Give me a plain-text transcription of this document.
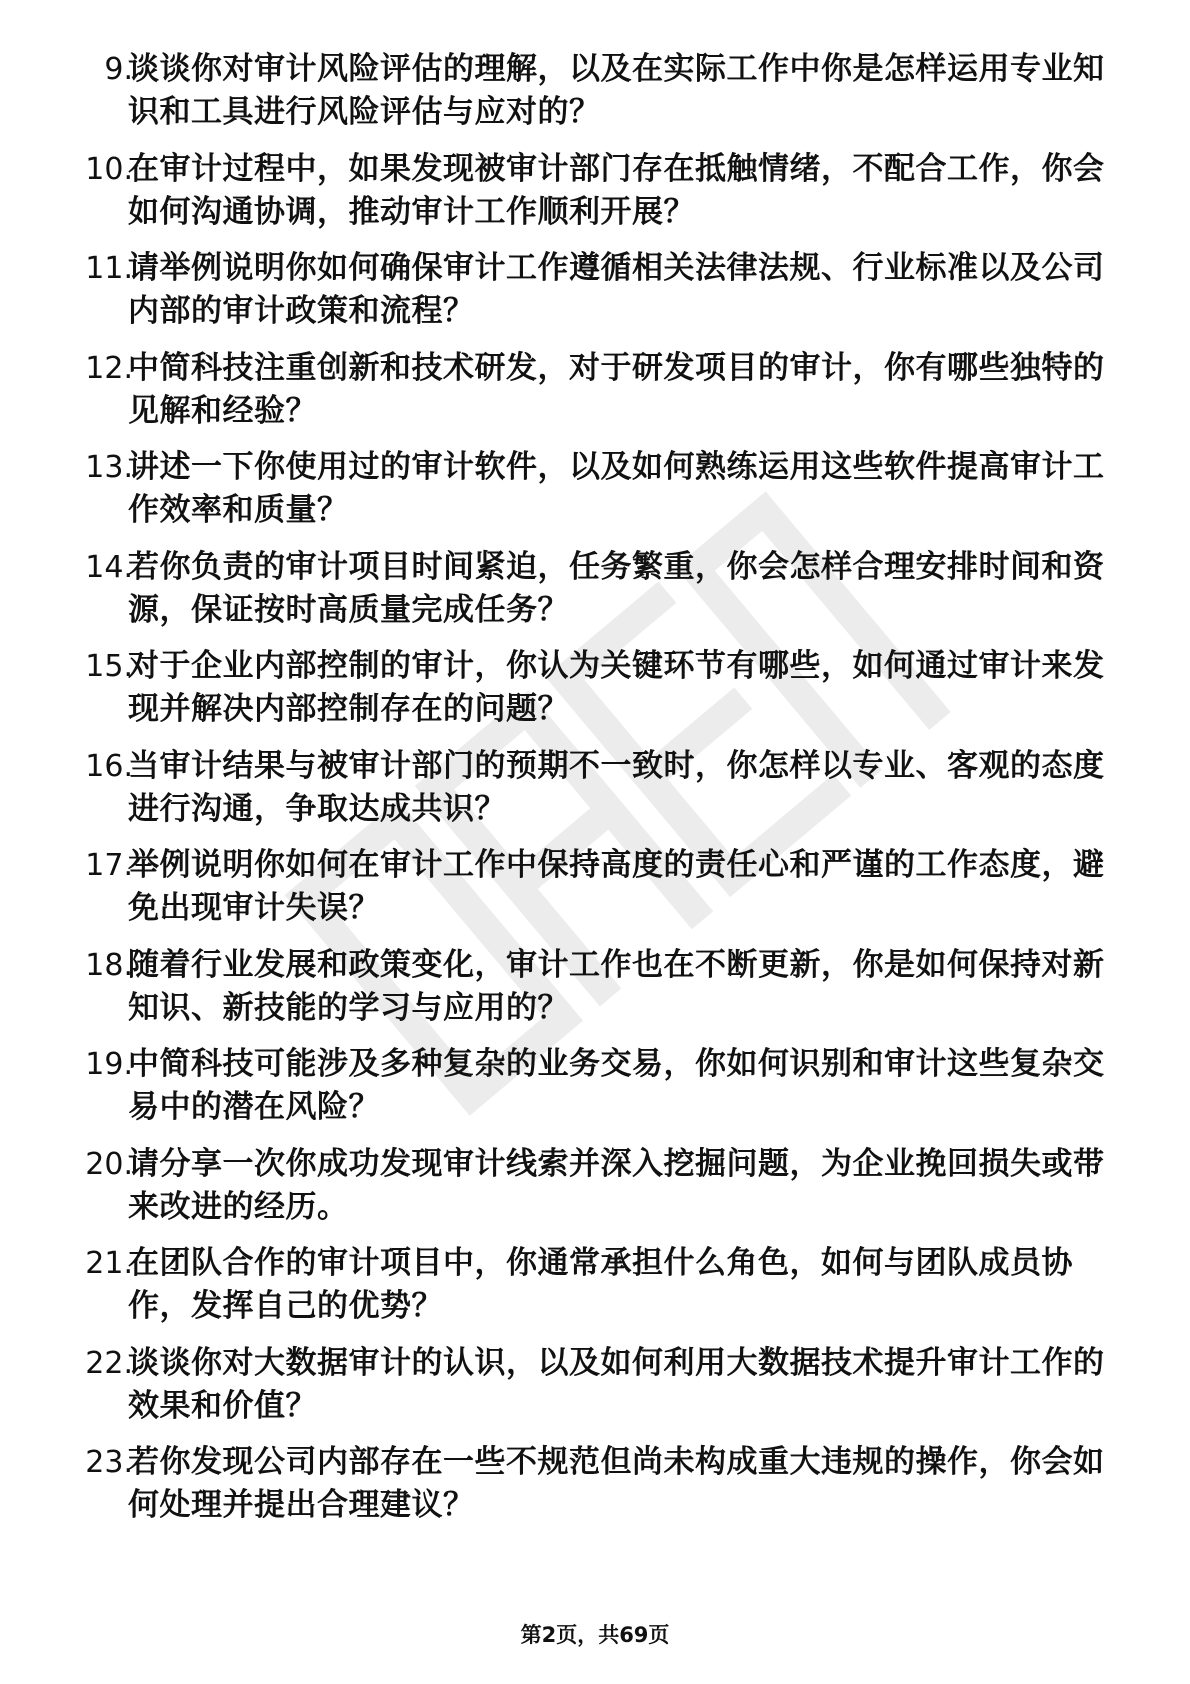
9.
谈谈你对审计风险评估的理解，以及在实际工作中你是怎样运用专业知识和工具进行风险评估与应对的？
10.
在审计过程中，如果发现被审计部门存在抵触情绪，不配合工作，你会如何沟通协调，推动审计工作顺利开展？
11.
请举例说明你如何确保审计工作遵循相关法律法规、行业标准以及公司内部的审计政策和流程？
12.
中简科技注重创新和技术研发，对于研发项目的审计，你有哪些独特的见解和经验？
13.
讲述一下你使用过的审计软件，以及如何熟练运用这些软件提高审计工作效率和质量？
14.
若你负责的审计项目时间紧迫，任务繁重，你会怎样合理安排时间和资源，保证按时高质量完成任务？
15.
对于企业内部控制的审计，你认为关键环节有哪些，如何通过审计来发现并解决内部控制存在的问题？
16.
当审计结果与被审计部门的预期不一致时，你怎样以专业、客观的态度进行沟通，争取达成共识？
17.
举例说明你如何在审计工作中保持高度的责任心和严谨的工作态度，避免出现审计失误？
18.
随着行业发展和政策变化，审计工作也在不断更新，你是如何保持对新知识、新技能的学习与应用的？
19.
中简科技可能涉及多种复杂的业务交易，你如何识别和审计这些复杂交易中的潜在风险？
20.
请分享一次你成功发现审计线索并深入挖掘问题，为企业挽回损失或带来改进的经历。
21.
在团队合作的审计项目中，你通常承担什么角色，如何与团队成员协作，发挥自己的优势？
22.
谈谈你对大数据审计的认识，以及如何利用大数据技术提升审计工作的效果和价值？
23.
若你发现公司内部存在一些不规范但尚未构成重大违规的操作，你会如何处理并提出合理建议？
第2页，共69页
